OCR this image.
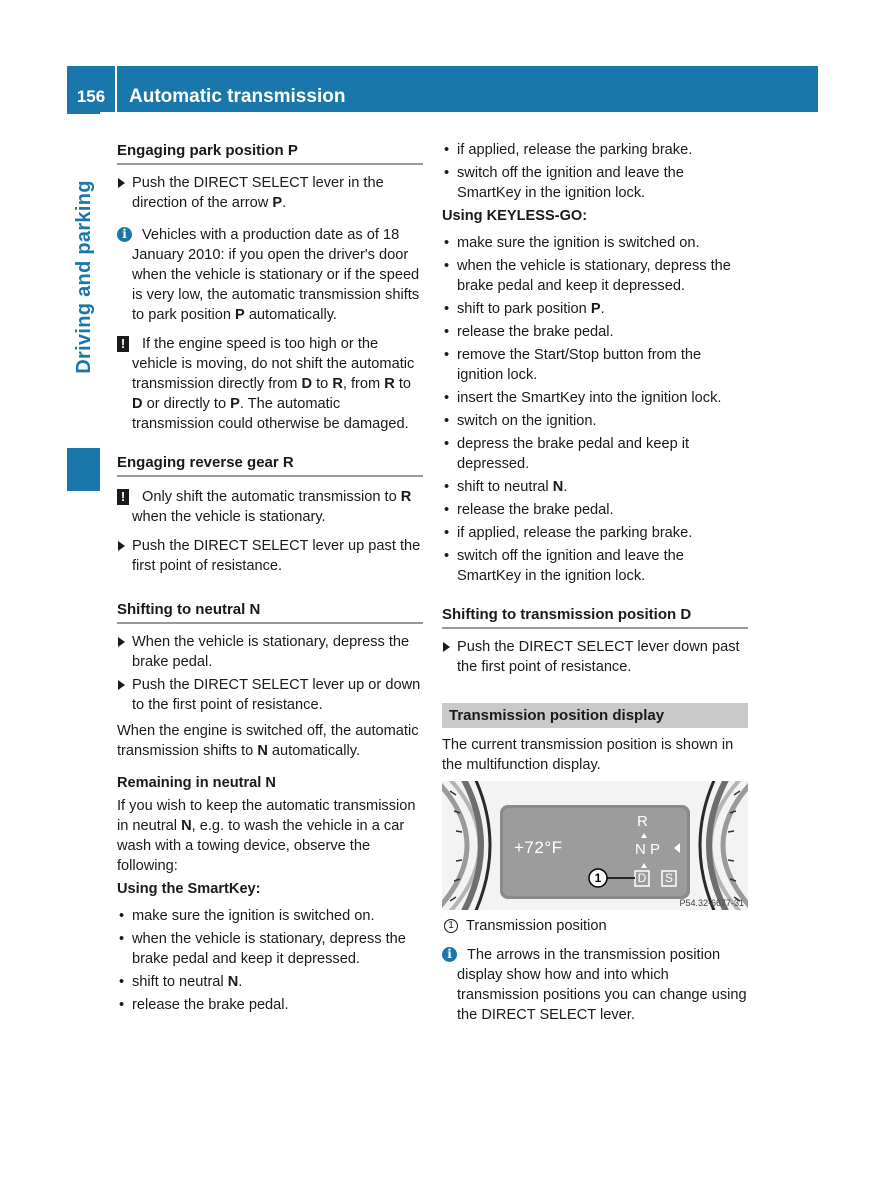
156	Automatic transmission
Driving and parking
Engaging park position P
Push the DIRECT SELECT lever in the direction of the arrow P.
i	Vehicles with a production date as of 18 January 2010: if you open the driver's door when the vehicle is stationary or if the speed is very low, the automatic transmission shifts to park position P automatically.
! If the engine speed is too high or the vehicle is moving, do not shift the automatic transmission directly from D to R, from R to D or directly to P. The automatic transmission could otherwise be damaged.
Engaging reverse gear R
! Only shift the automatic transmission to R when the vehicle is stationary.
Push the DIRECT SELECT lever up past the first point of resistance.
Shifting to neutral N
When the vehicle is stationary, depress the brake pedal.
Push the DIRECT SELECT lever up or down to the first point of resistance.
When the engine is switched off, the automatic transmission shifts to N automatically.
Remaining in neutral N
If you wish to keep the automatic transmission in neutral N, e.g. to wash the vehicle in a car wash with a towing device, observe the following:
Using the SmartKey:
• make sure the ignition is switched on.
• when the vehicle is stationary, depress the brake pedal and keep it depressed.
• shift to neutral N.
• release the brake pedal.
• if applied, release the parking brake.
• switch off the ignition and leave the SmartKey in the ignition lock.
Using KEYLESS-GO:
• make sure the ignition is switched on.
• when the vehicle is stationary, depress the brake pedal and keep it depressed.
• shift to park position P.
• release the brake pedal.
• remove the Start/Stop button from the ignition lock.
• insert the SmartKey into the ignition lock.
• switch on the ignition.
• depress the brake pedal and keep it depressed.
• shift to neutral N.
• release the brake pedal.
• if applied, release the parking brake.
• switch off the ignition and leave the SmartKey in the ignition lock.
Shifting to transmission position D
Push the DIRECT SELECT lever down past the first point of resistance.
Transmission position display
The current transmission position is shown in the multifunction display.
+72°F
R
N P
D S
1
P54.32-6677-31
1 Transmission position
i	The arrows in the transmission position display show how and into which transmission positions you can change using the DIRECT SELECT lever.
